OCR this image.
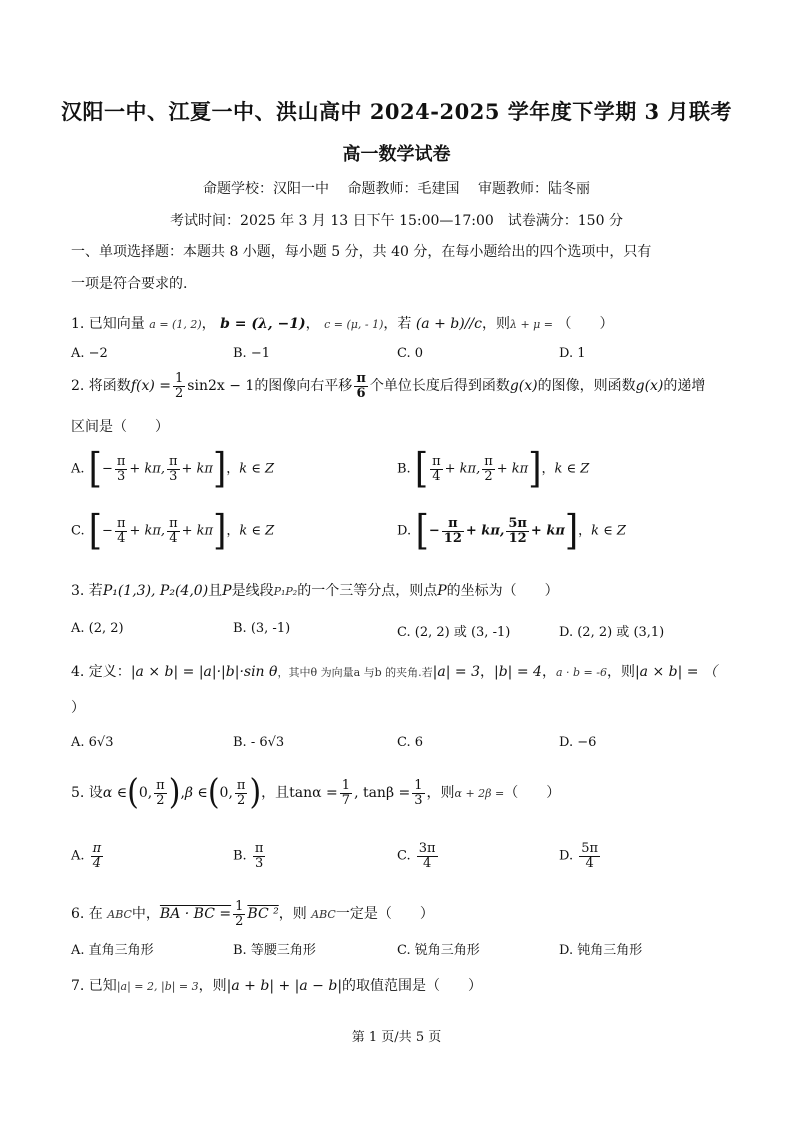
汉阳一中、江夏一中、洪山高中 2024-2025 学年度下学期 3 月联考
高一数学试卷
命题学校：汉阳一中　 命题教师：毛建国　 审题教师：陆冬丽
考试时间：2025 年 3 月 13 日下午 15:00—17:00　试卷满分：150 分
一、单项选择题：本题共 8 小题，每小题 5 分，共 40 分，在每小题给出的四个选项中，只有
一项是符合要求的.
1. 已知向量 a = (1, 2)， b = (λ, −1)， c = (μ, - 1)，若 (a + b)//c，则λ + μ = （　　）
A. −2	B. −1	C. 0	D. 1
2. 将函数$f(x) = \frac{1}{2} \sin 2x - 1$的图像向右平移 $\frac{\pi}{6}$ 个单位长度后得到函数g(x)的图像，则函数g(x)的递增
区间是（　　）
A. [− $\frac{\pi}{3} + k\pi$, $\frac{\pi}{3} + k\pi$]，k ∈ Z	B. [ $\frac{\pi}{4} + k\pi$, $\frac{\pi}{2} + k\pi$]，k ∈ Z
C. [− $\frac{\pi}{4} + k\pi$, $\frac{\pi}{4} + k\pi$]，k ∈ Z	D. [− $\frac{\pi}{12} + k\pi$, $\frac{5\pi}{12} + k\pi$]，k ∈ Z
3. 若P₁(1,3), P₂(4,0)且P是线段P₁P₂的一个三等分点，则点P的坐标为（　　）
A. (2, 2)	B. (3, -1)	C. (2, 2) 或 (3, -1)	D. (2, 2) 或 (3,1)
4. 定义：|a × b| = |a|·|b|·sin θ，其中θ 为向量a 与b 的夹角.若|a| = 3，|b| = 4，a · b = -6，则|a × b| = （
）
A. 6√3	B. - 6√3	C. 6	D. −6
5. 设α ∈(0, $\frac{\pi}{2} ),\beta$ ∈(0, $\frac{\pi}{2}$ )，且$\tan\alpha = \frac{1}{7}$ , $\tan\beta = \frac{1}{3}$ ，则α + 2β =（　　）
A. $\frac{\pi}{4}$	B. $\frac{\pi}{3}$	C. $\frac{3\pi}{4}$	D. $\frac{5\pi}{4}$
6. 在 ABC中，BA · BC = $\frac{1}{2}$ BC ²，则 ABC一定是（　　）
A. 直角三角形	B. 等腰三角形	C. 锐角三角形	D. 钝角三角形
7. 已知|a| = 2, |b| = 3，则|a + b| + |a − b|的取值范围是（　　）
第 1 页/共 5 页
